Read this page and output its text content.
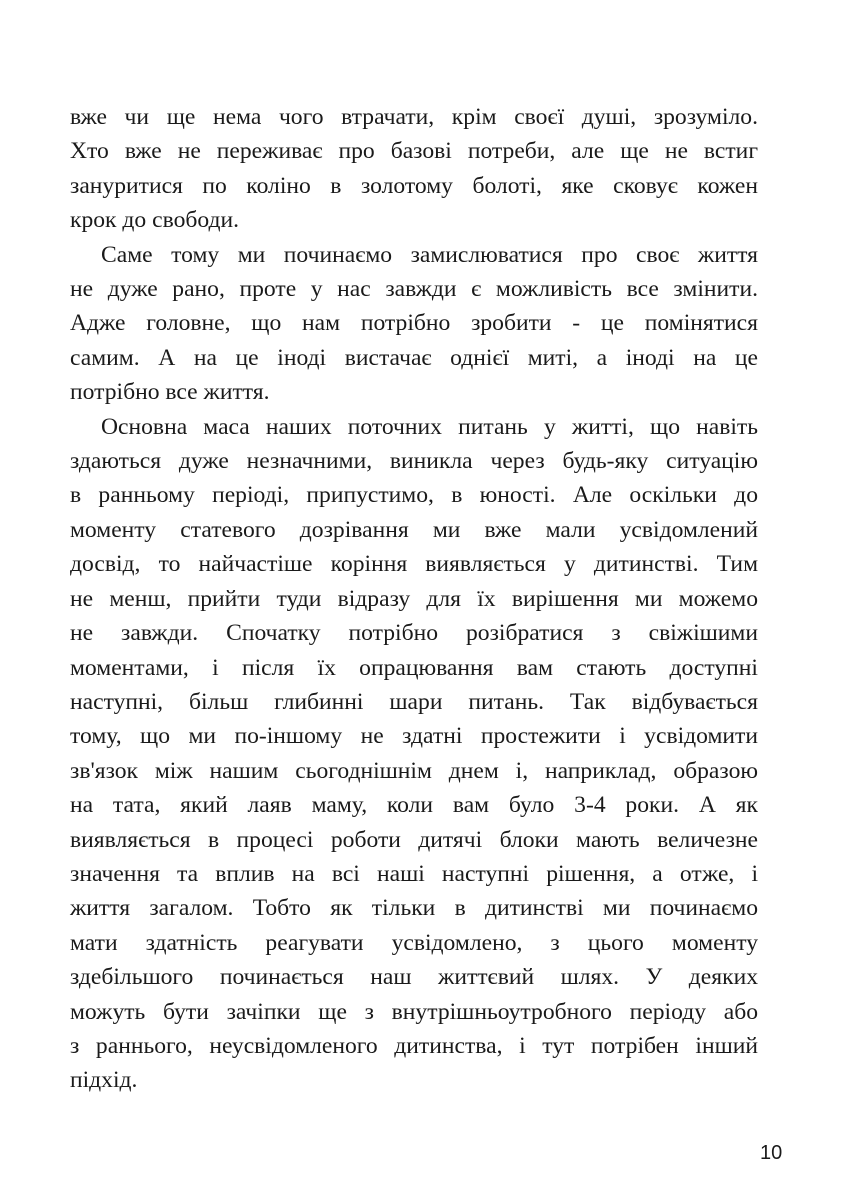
вже чи ще нема чого втрачати, крім своєї душі, зрозуміло.
Хто вже не переживає про базові потреби, але ще не встиг
зануритися по коліно в золотому болоті, яке сковує кожен
крок до свободи.

Саме тому ми починаємо замислюватися про своє життя
не дуже рано, проте у нас завжди є можливість все змінити.
Адже головне, що нам потрібно зробити - це помінятися
самим. А на це іноді вистачає однієї миті, а іноді на це
потрібно все життя.

Основна маса наших поточних питань у житті, що навіть
здаються дуже незначними, виникла через будь-яку ситуацію
в ранньому періоді, припустимо, в юності. Але оскільки до
моменту статевого дозрівання ми вже мали усвідомлений
досвід, то найчастіше коріння виявляється у дитинстві. Тим
не менш, прийти туди відразу для їх вирішення ми можемо
не завжди. Спочатку потрібно розібратися з свіжішими
моментами, і після їх опрацювання вам стають доступні
наступні, більш глибинні шари питань. Так відбувається
тому, що ми по-іншому не здатні простежити і усвідомити
зв'язок між нашим сьогоднішнім днем і, наприклад, образою
на тата, який лаяв маму, коли вам було 3-4 роки. А як
виявляється в процесі роботи дитячі блоки мають величезне
значення та вплив на всі наші наступні рішення, а отже, і
життя загалом. Тобто як тільки в дитинстві ми починаємо
мати здатність реагувати усвідомлено, з цього моменту
здебільшого починається наш життєвий шлях. У деяких
можуть бути зачіпки ще з внутрішньоутробного періоду або
з раннього, неусвідомленого дитинства, і тут потрібен інший
підхід.

10
